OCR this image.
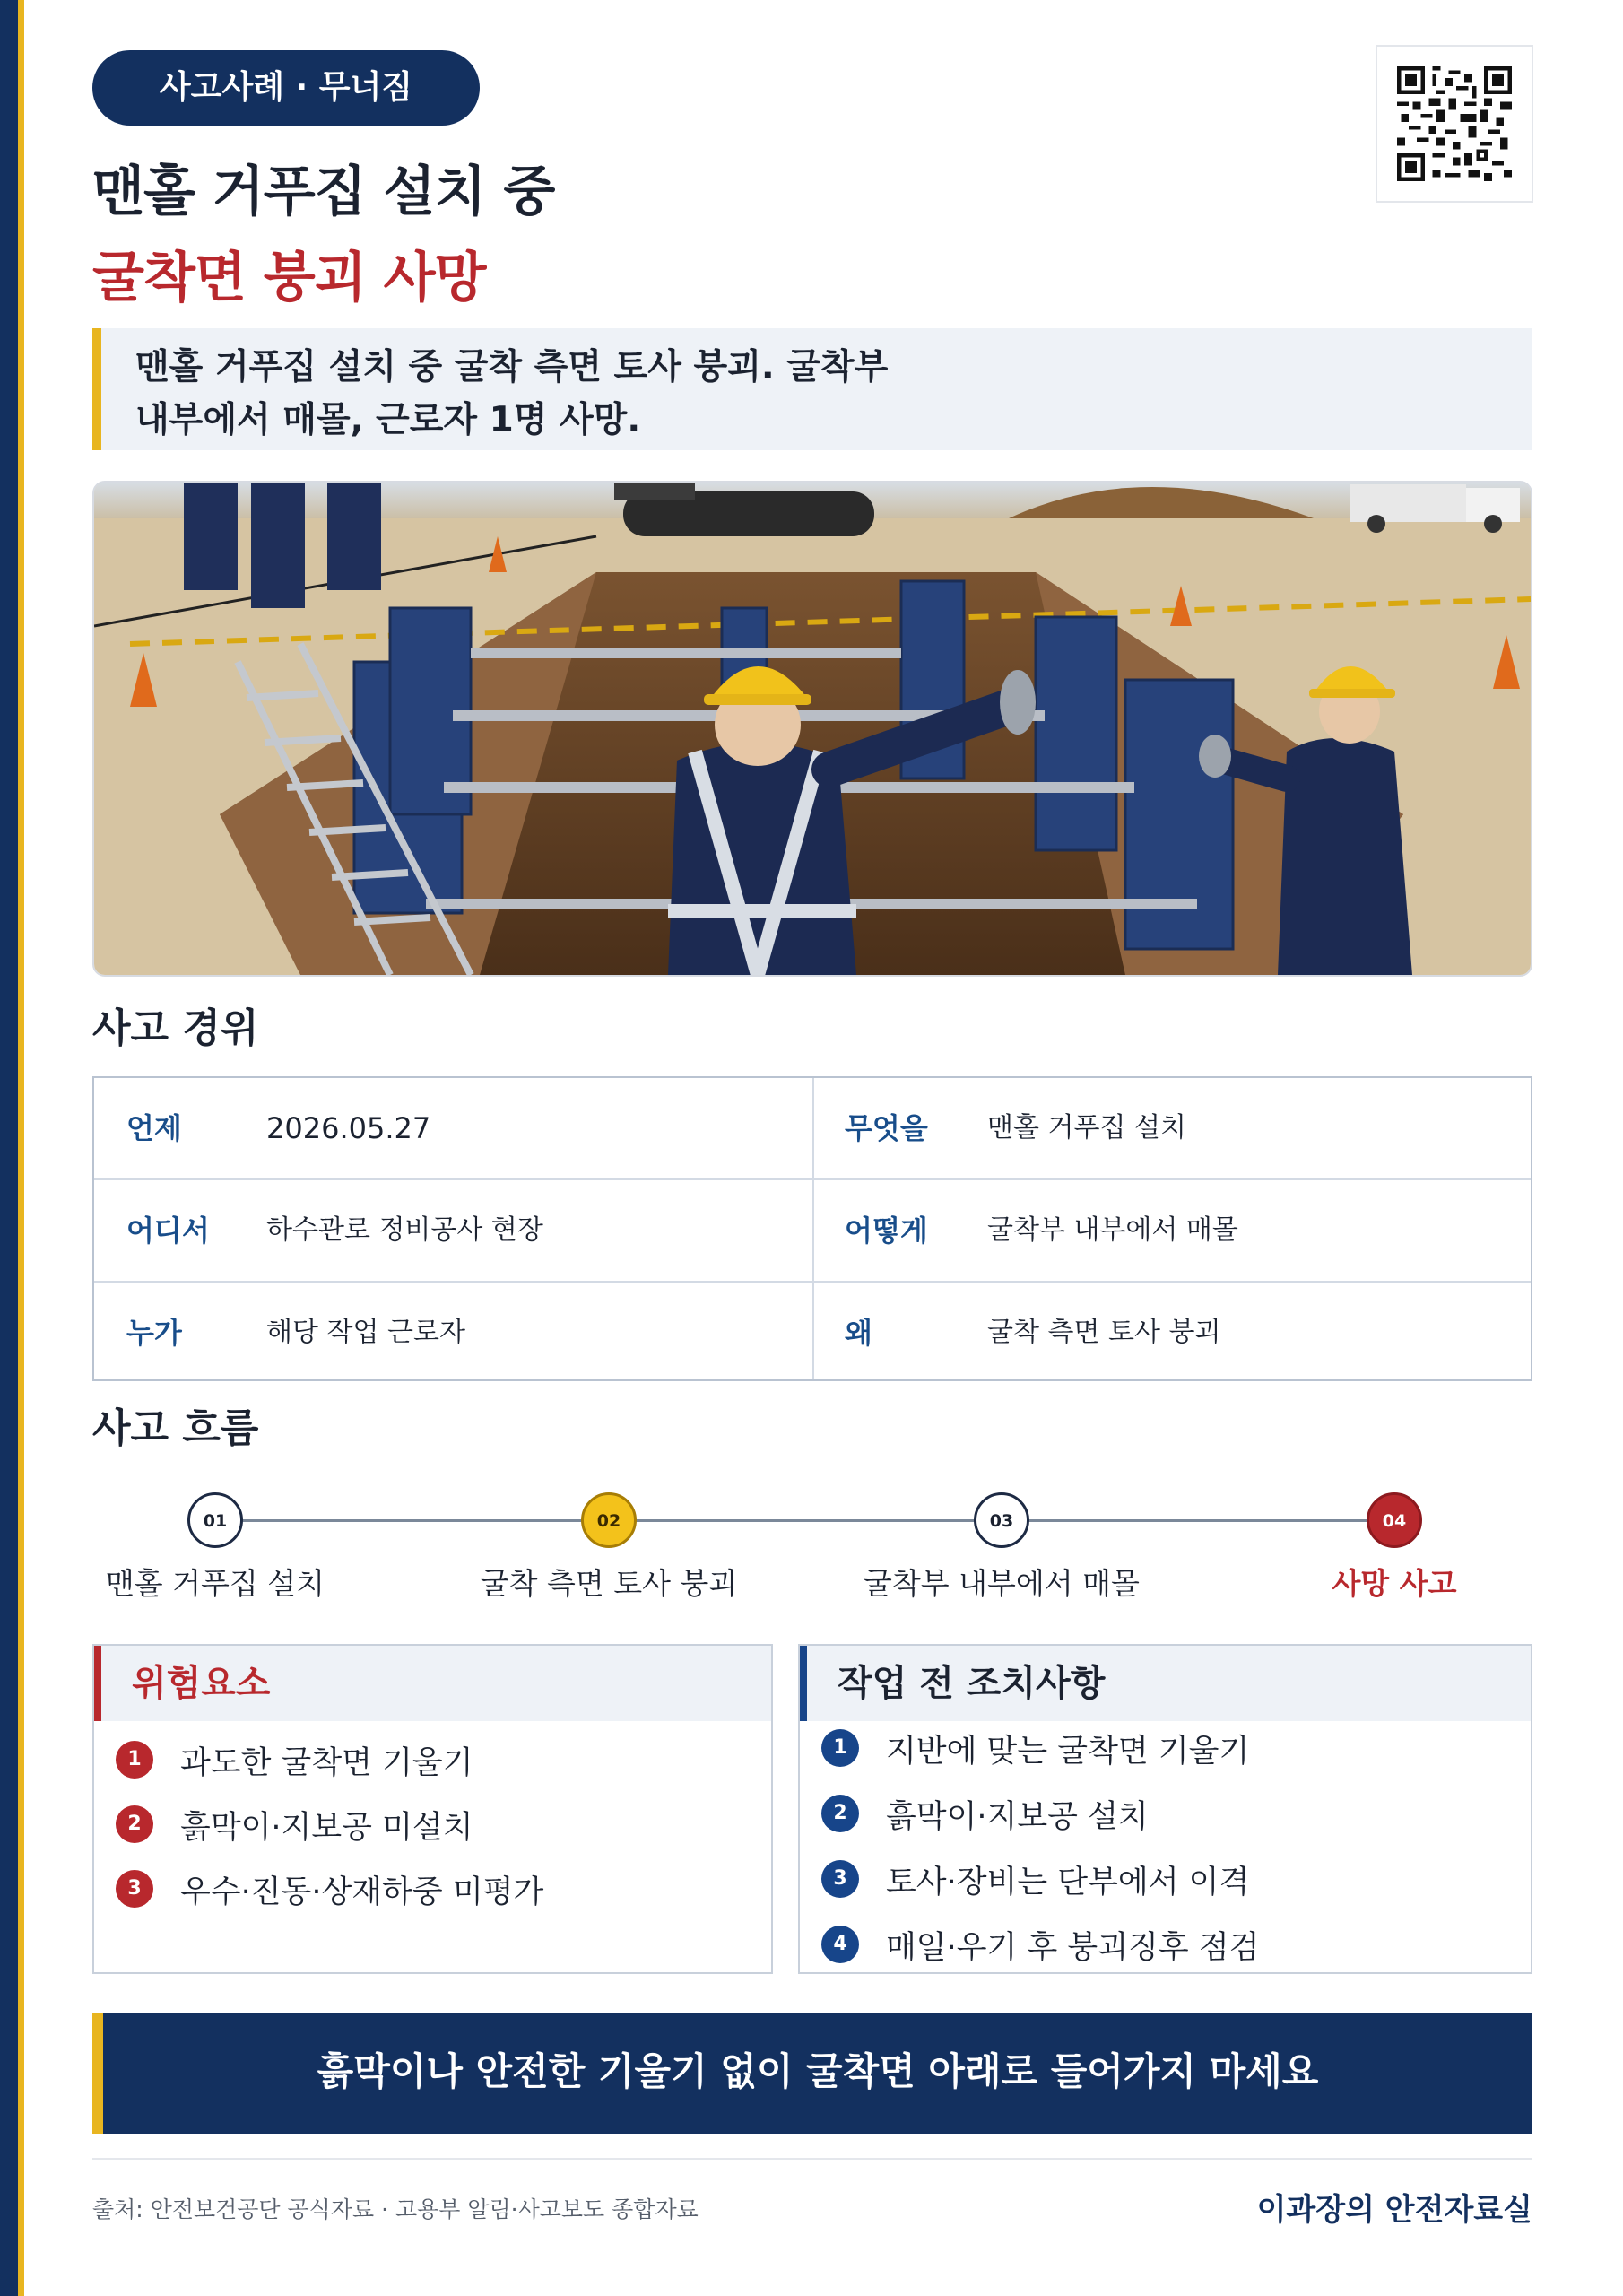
사고사례 · 무너짐
맨홀 거푸집 설치 중
굴착면 붕괴 사망
맨홀 거푸집 설치 중 굴착 측면 토사 붕괴. 굴착부
내부에서 매몰, 근로자 1명 사망.
사고 경위
언제	2026.05.27	무엇을 맨홀 거푸집 설치
어디서 하수관로 정비공사 현장	어떻게 굴착부 내부에서 매몰
누가	해당 작업 근로자	왜	굴착 측면 토사 붕괴
사고 흐름
01	02	03	04
맨홀 거푸집 설치	굴착 측면 토사 붕괴	굴착부 내부에서 매몰	사망 사고
위험요소
1	과도한 굴착면 기울기
2	흙막이·지보공 미설치
3	우수·진동·상재하중 미평가
작업 전 조치사항
1	지반에 맞는 굴착면 기울기
2	흙막이·지보공 설치
3	토사·장비는 단부에서 이격
4	매일·우기 후 붕괴징후 점검
흙막이나 안전한 기울기 없이 굴착면 아래로 들어가지 마세요
출처: 안전보건공단 공식자료 · 고용부 알림·사고보도 종합자료	이과장의 안전자료실
